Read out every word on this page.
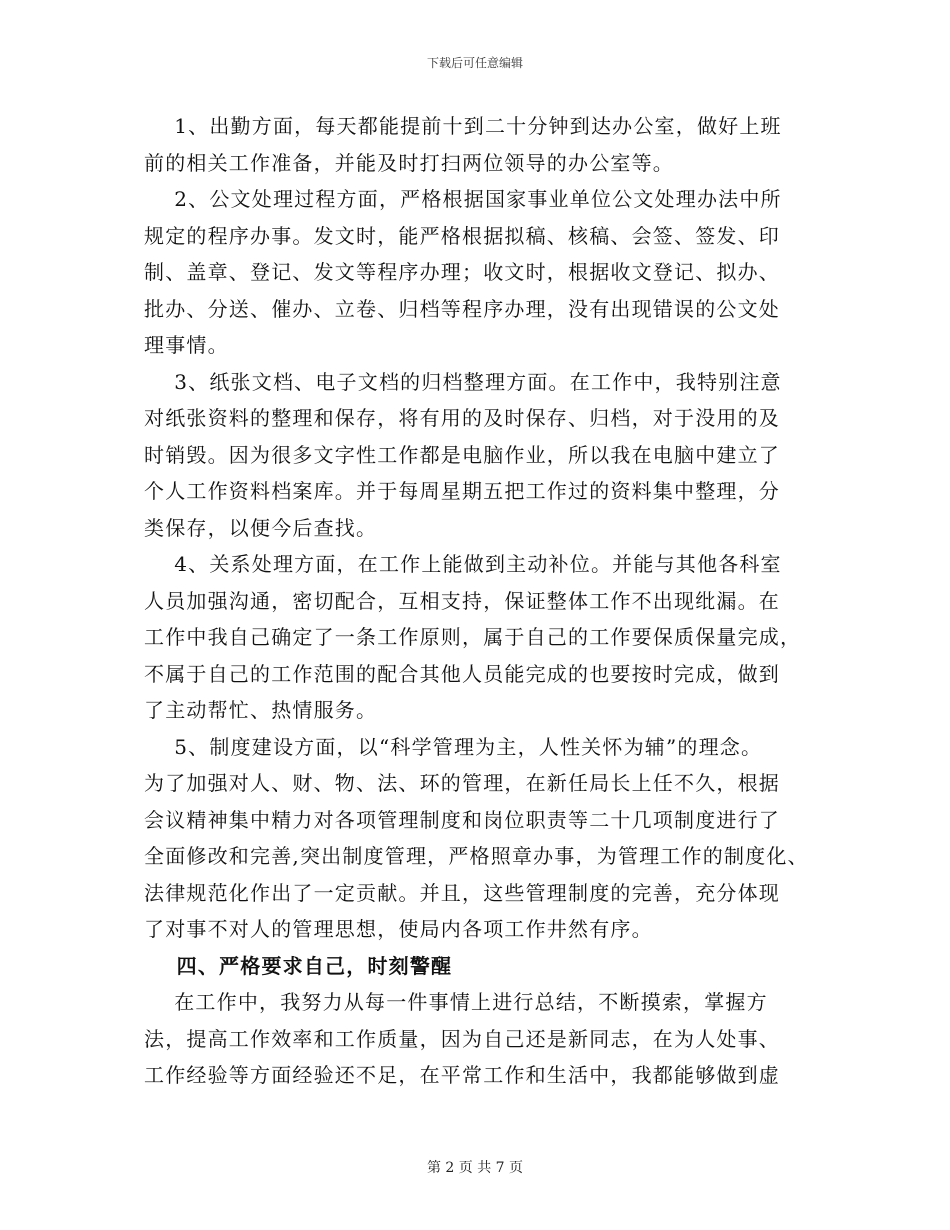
下载后可任意编辑
1、出勤方面，每天都能提前十到二十分钟到达办公室，做好上班
前的相关工作准备，并能及时打扫两位领导的办公室等。
2、公文处理过程方面，严格根据国家事业单位公文处理办法中所
规定的程序办事。发文时，能严格根据拟稿、核稿、会签、签发、印
制、盖章、登记、发文等程序办理；收文时，根据收文登记、拟办、
批办、分送、催办、立卷、归档等程序办理，没有出现错误的公文处
理事情。
3、纸张文档、电子文档的归档整理方面。在工作中，我特别注意
对纸张资料的整理和保存，将有用的及时保存、归档，对于没用的及
时销毁。因为很多文字性工作都是电脑作业，所以我在电脑中建立了
个人工作资料档案库。并于每周星期五把工作过的资料集中整理，分
类保存，以便今后查找。
4、关系处理方面，在工作上能做到主动补位。并能与其他各科室
人员加强沟通，密切配合，互相支持，保证整体工作不出现纰漏。在
工作中我自己确定了一条工作原则，属于自己的工作要保质保量完成，
不属于自己的工作范围的配合其他人员能完成的也要按时完成，做到
了主动帮忙、热情服务。
5、制度建设方面，以“科学管理为主，人性关怀为辅”的理念。
为了加强对人、财、物、法、环的管理，在新任局长上任不久，根据
会议精神集中精力对各项管理制度和岗位职责等二十几项制度进行了
全面修改和完善,突出制度管理，严格照章办事，为管理工作的制度化、
法律规范化作出了一定贡献。并且，这些管理制度的完善，充分体现
了对事不对人的管理思想，使局内各项工作井然有序。
四、严格要求自己，时刻警醒
在工作中，我努力从每一件事情上进行总结，不断摸索，掌握方
法，提高工作效率和工作质量，因为自己还是新同志，在为人处事、
工作经验等方面经验还不足，在平常工作和生活中，我都能够做到虚
第 2 页 共 7 页
